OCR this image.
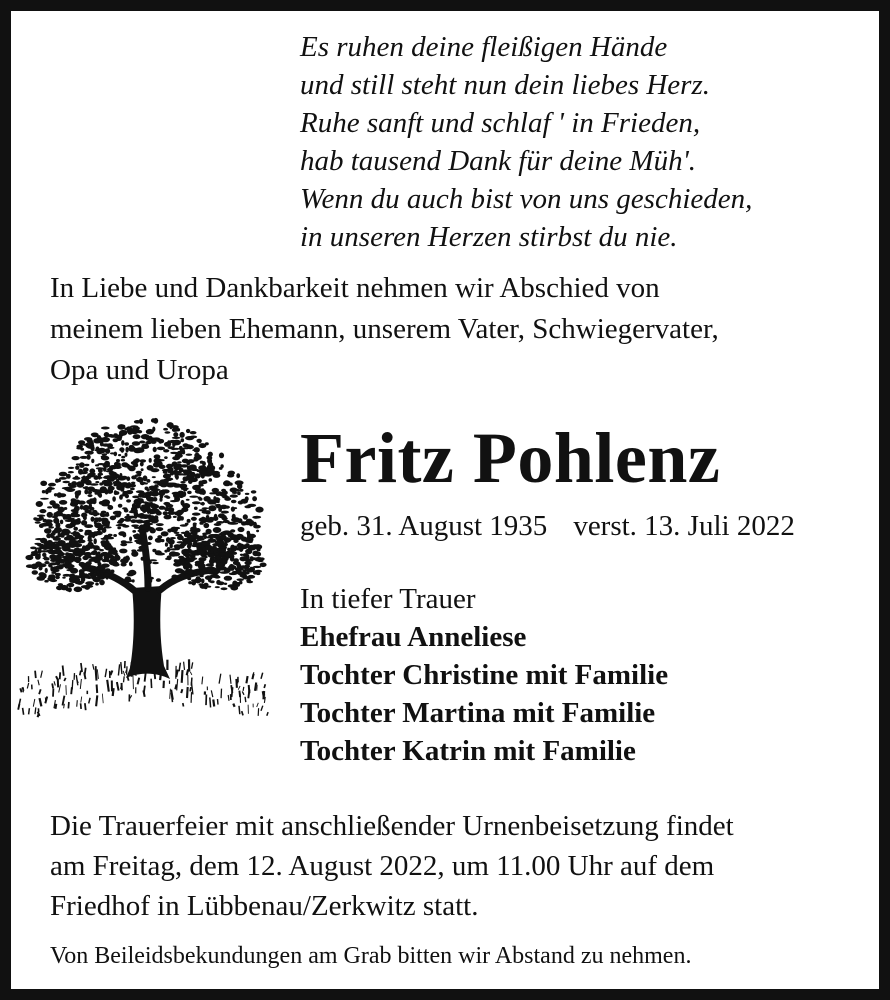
Es ruhen deine fleißigen Hände
und still steht nun dein liebes Herz.
Ruhe sanft und schlaf ' in Frieden,
hab tausend Dank für deine Müh'.
Wenn du auch bist von uns geschieden,
in unseren Herzen stirbst du nie.
In Liebe und Dankbarkeit nehmen wir Abschied von
meinem lieben Ehemann, unserem Vater, Schwiegervater,
Opa und Uropa
Fritz Pohlenz
geb. 31. August 1935 verst. 13. Juli 2022
In tiefer Trauer
Ehefrau Anneliese
Tochter Christine mit Familie
Tochter Martina mit Familie
Tochter Katrin mit Familie
Die Trauerfeier mit anschließender Urnenbeisetzung findet
am Freitag, dem 12. August 2022, um 11.00 Uhr auf dem
Friedhof in Lübbenau/Zerkwitz statt.
Von Beileidsbekundungen am Grab bitten wir Abstand zu nehmen.
